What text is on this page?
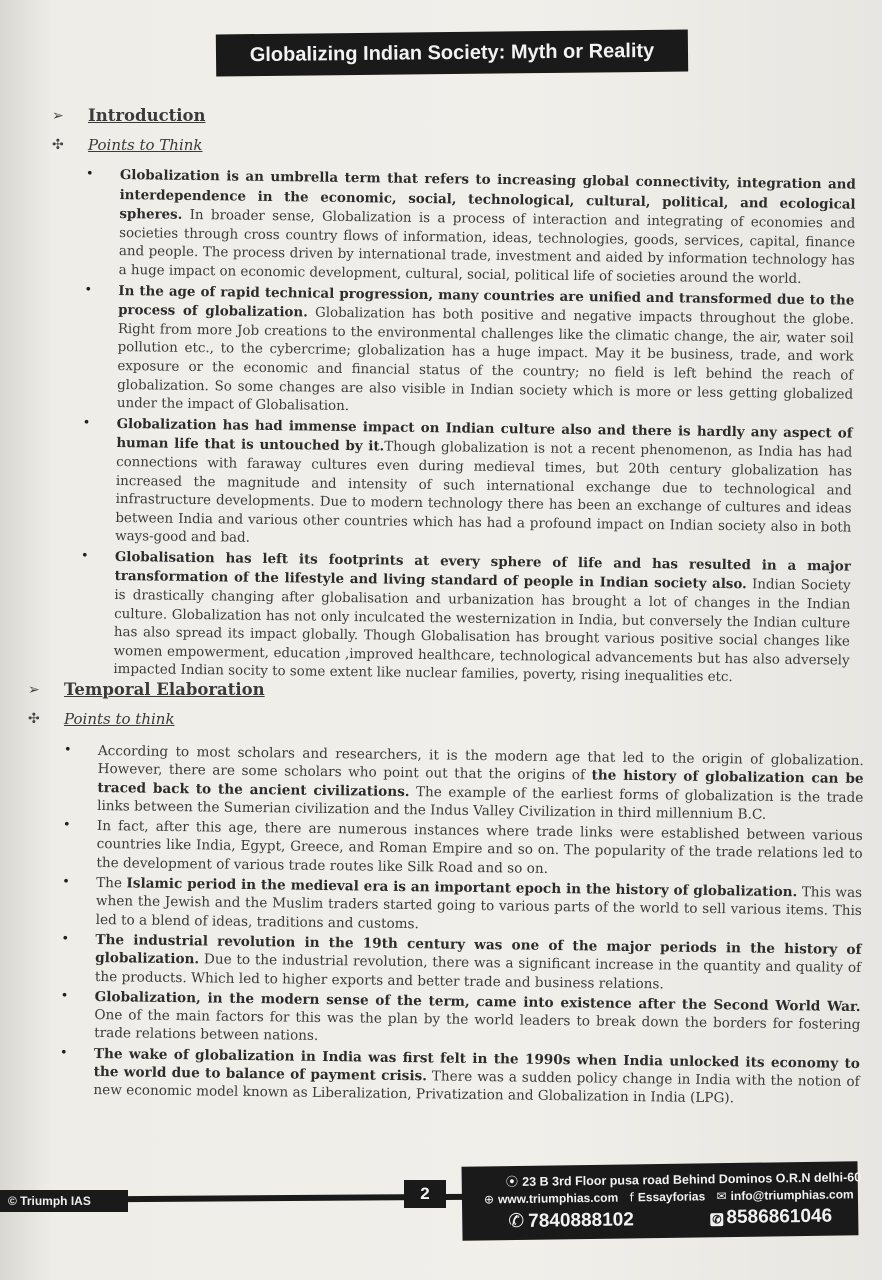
Globalizing Indian Society: Myth or Reality
➢	Introduction
✣	Points to Think
• Globalization is an umbrella term that refers to increasing global connectivity, integration and interdependence in the economic, social, technological, cultural, political, and ecological spheres. In broader sense, Globalization is a process of interaction and integrating of economies and societies through cross country flows of information, ideas, technologies, goods, services, capital, finance and people. The process driven by international trade, investment and aided by information technology has a huge impact on economic development, cultural, social, political life of societies around the world.
• In the age of rapid technical progression, many countries are unified and transformed due to the process of globalization. Globalization has both positive and negative impacts throughout the globe. Right from more Job creations to the environmental challenges like the climatic change, the air, water soil pollution etc., to the cybercrime; globalization has a huge impact. May it be business, trade, and work exposure or the economic and financial status of the country; no field is left behind the reach of globalization. So some changes are also visible in Indian society which is more or less getting globalized under the impact of Globalisation.
• Globalization has had immense impact on Indian culture also and there is hardly any aspect of human life that is untouched by it.Though globalization is not a recent phenomenon, as India has had connections with faraway cultures even during medieval times, but 20th century globalization has increased the magnitude and intensity of such international exchange due to technological and infrastructure developments. Due to modern technology there has been an exchange of cultures and ideas between India and various other countries which has had a profound impact on Indian society also in both ways-good and bad.
• Globalisation has left its footprints at every sphere of life and has resulted in a major transformation of the lifestyle and living standard of people in Indian society also. Indian Society is drastically changing after globalisation and urbanization has brought a lot of changes in the Indian culture. Globalization has not only inculcated the westernization in India, but conversely the Indian culture has also spread its impact globally. Though Globalisation has brought various positive social changes like women empowerment, education ,improved healthcare, technological advancements but has also adversely impacted Indian socity to some extent like nuclear families, poverty, rising inequalities etc.
➢	Temporal Elaboration
✣	Points to think
• According to most scholars and researchers, it is the modern age that led to the origin of globalization. However, there are some scholars who point out that the origins of the history of globalization can be traced back to the ancient civilizations. The example of the earliest forms of globalization is the trade links between the Sumerian civilization and the Indus Valley Civilization in third millennium B.C.
• In fact, after this age, there are numerous instances where trade links were established between various countries like India, Egypt, Greece, and Roman Empire and so on. The popularity of the trade relations led to the development of various trade routes like Silk Road and so on.
• The Islamic period in the medieval era is an important epoch in the history of globalization. This was when the Jewish and the Muslim traders started going to various parts of the world to sell various items. This led to a blend of ideas, traditions and customs.
• The industrial revolution in the 19th century was one of the major periods in the history of globalization. Due to the industrial revolution, there was a significant increase in the quantity and quality of the products. Which led to higher exports and better trade and business relations.
• Globalization, in the modern sense of the term, came into existence after the Second World War. One of the main factors for this was the plan by the world leaders to break down the borders for fostering trade relations between nations.
• The wake of globalization in India was first felt in the 1990s when India unlocked its economy to the world due to balance of payment crisis. There was a sudden policy change in India with the notion of new economic model known as Liberalization, Privatization and Globalization in India (LPG).
© Triumph IAS	2
⦿ 23 B 3rd Floor pusa road Behind Dominos O.R.N delhi-60
⊕ www.triumphias.com f Essayforias ✉ info@triumphias.com
✆ 7840888102	✆ 8586861046
